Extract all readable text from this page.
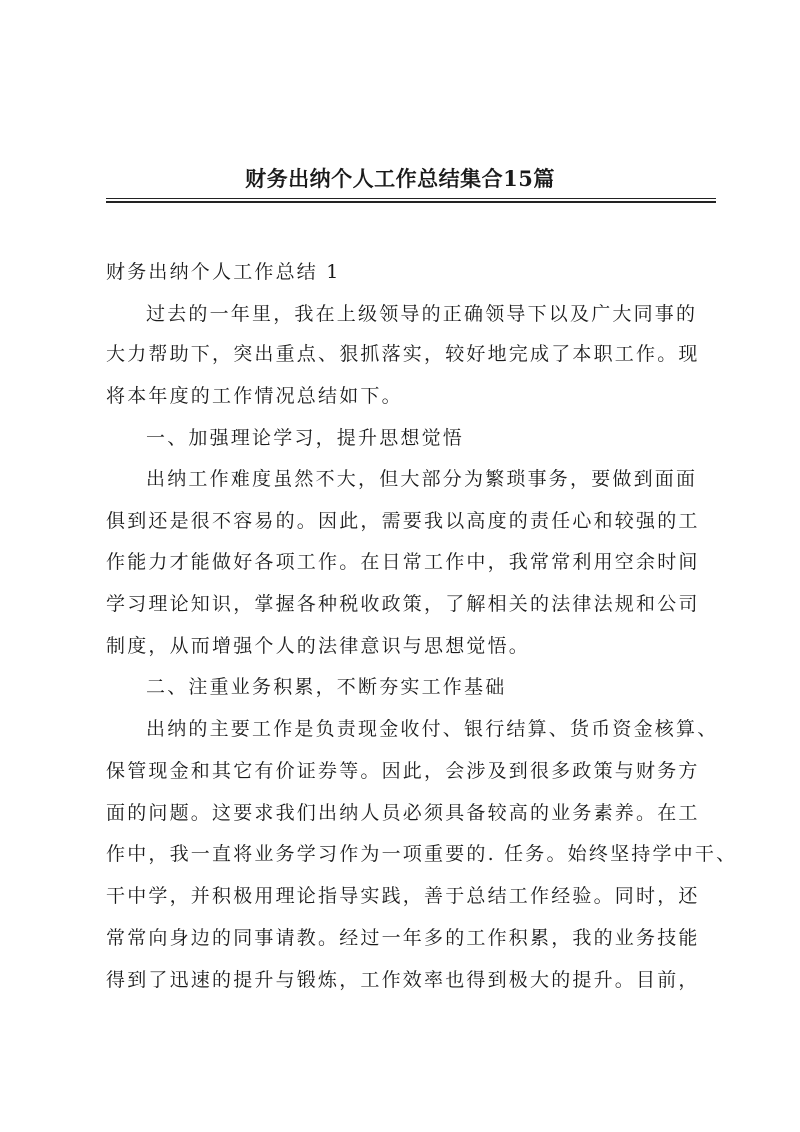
财务出纳个人工作总结集合15篇
财务出纳个人工作总结 1
过去的一年里，我在上级领导的正确领导下以及广大同事的
大力帮助下，突出重点、狠抓落实，较好地完成了本职工作。现
将本年度的工作情况总结如下。
一、加强理论学习，提升思想觉悟
出纳工作难度虽然不大，但大部分为繁琐事务，要做到面面
俱到还是很不容易的。因此，需要我以高度的责任心和较强的工
作能力才能做好各项工作。在日常工作中，我常常利用空余时间
学习理论知识，掌握各种税收政策，了解相关的法律法规和公司
制度，从而增强个人的法律意识与思想觉悟。
二、注重业务积累，不断夯实工作基础
出纳的主要工作是负责现金收付、银行结算、货币资金核算、
保管现金和其它有价证券等。因此，会涉及到很多政策与财务方
面的问题。这要求我们出纳人员必须具备较高的业务素养。在工
作中，我一直将业务学习作为一项重要的. 任务。始终坚持学中干、
干中学，并积极用理论指导实践，善于总结工作经验。同时，还
常常向身边的同事请教。经过一年多的工作积累，我的业务技能
得到了迅速的提升与锻炼，工作效率也得到极大的提升。目前，
